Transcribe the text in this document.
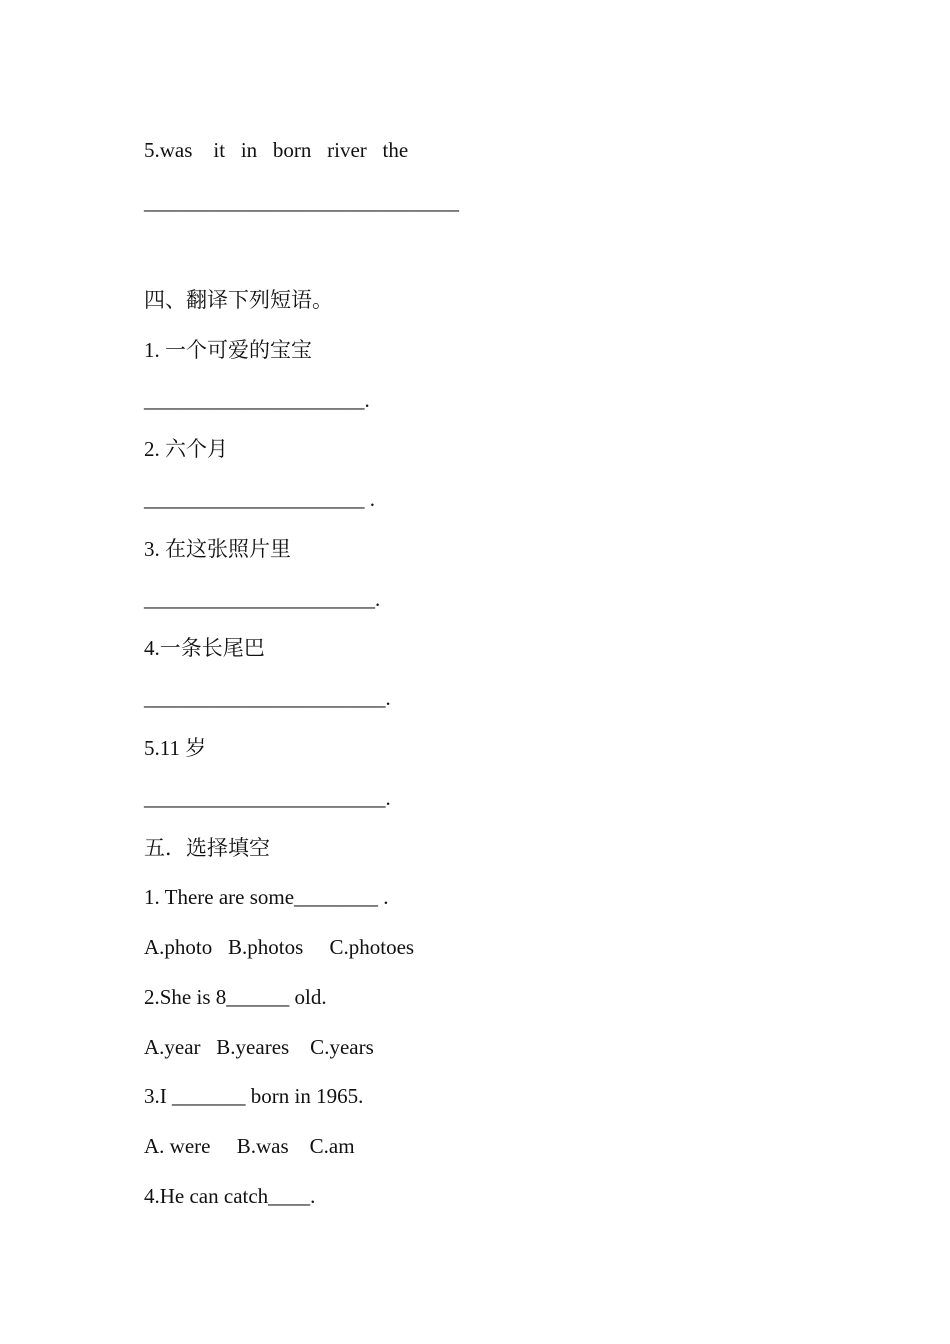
5.was    it   in   born   river   the
______________________________
四、翻译下列短语。
1. 一个可爱的宝宝
_____________________.
2. 六个月
_____________________ .
3. 在这张照片里
______________________.
4.一条长尾巴
_______________________.
5.11 岁
_______________________.
五．选择填空
1. There are some________ .
A.photo   B.photos     C.photoes
2.She is 8______ old.
A.year   B.yeares    C.years
3.I _______ born in 1965.
A. were     B.was    C.am
4.He can catch____.
